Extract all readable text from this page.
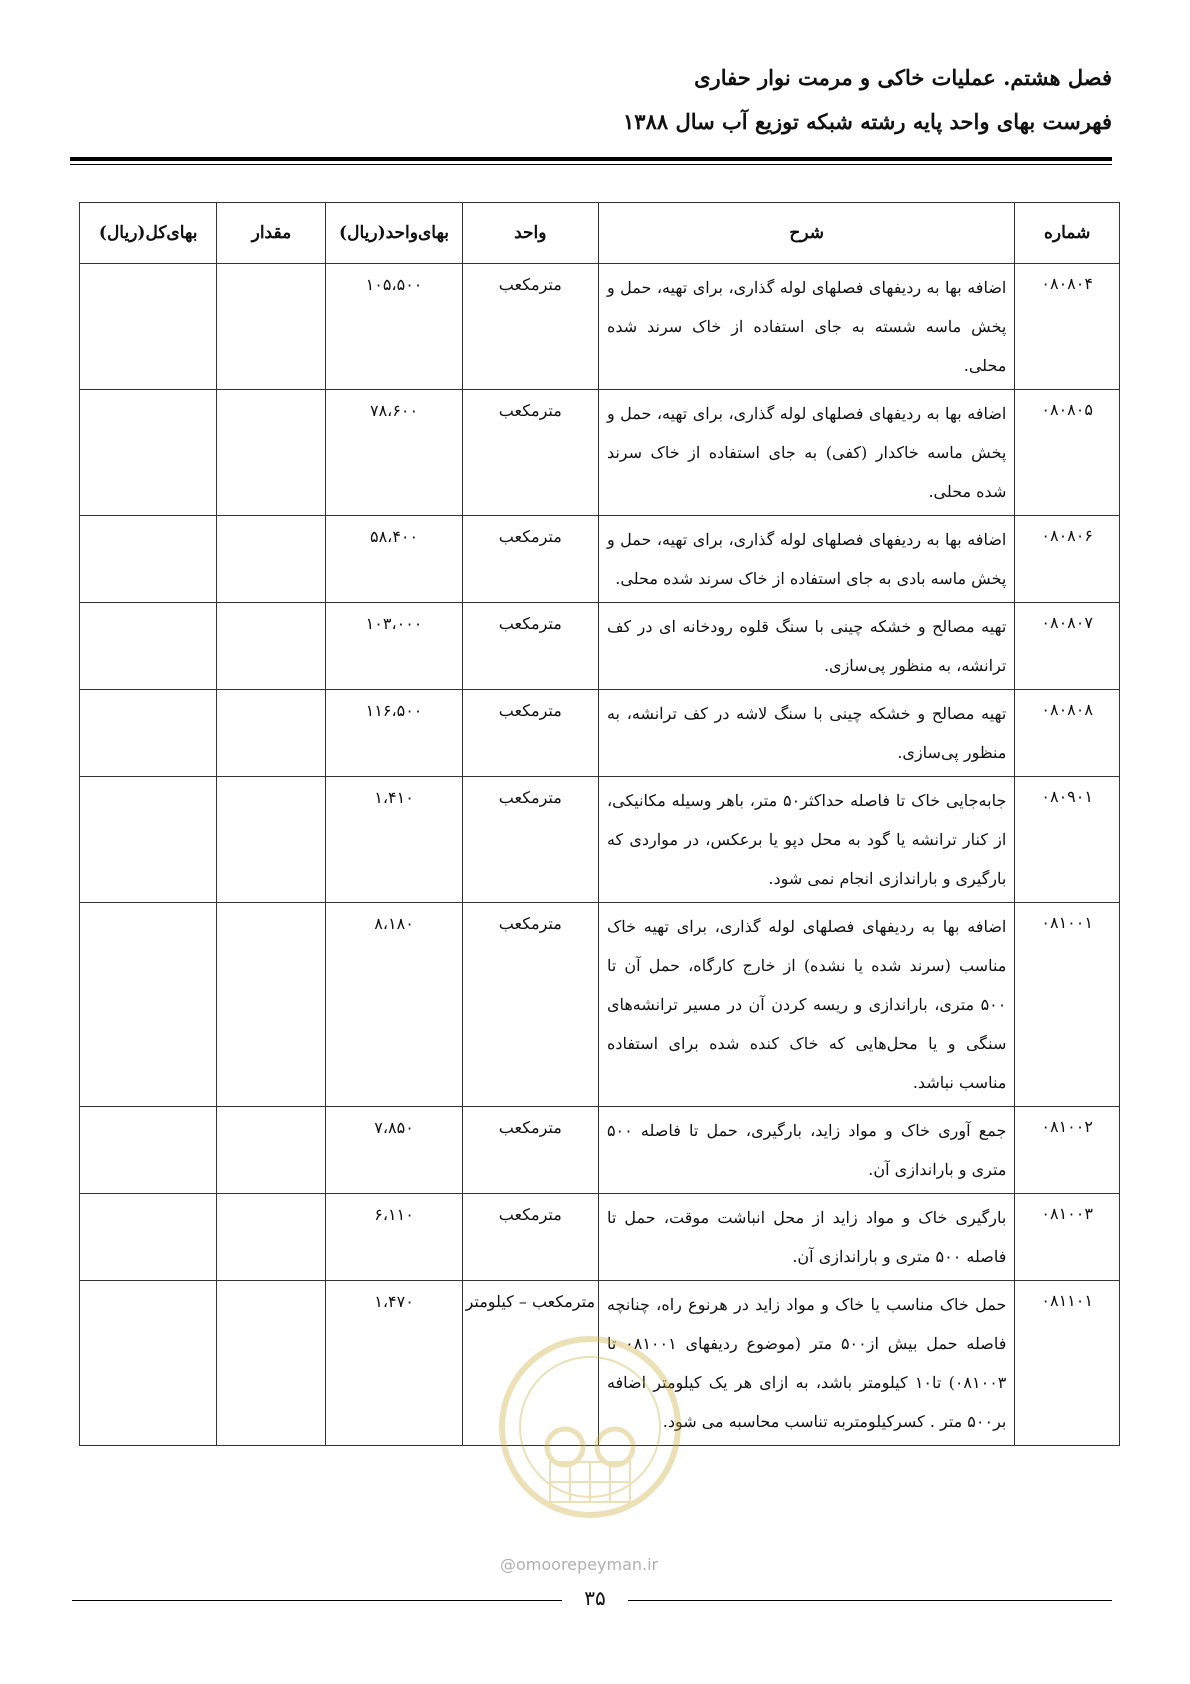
فصل هشتم. عملیات خاکی و مرمت نوار حفاری
فهرست بهای واحد پایه رشته شبکه توزیع آب سال ۱۳۸۸
شماره	شرح	واحد	بهای‌واحد(ریال)	مقدار	بهای‌کل(ریال)
۰۸۰۸۰۴	اضافه بها به ردیفهای فصلهای لوله گذاری، برای تهیه، حمل و پخش ماسه شسته به جای استفاده از خاک سرند شده محلی.	مترمکعب	۱۰۵،۵۰۰		
۰۸۰۸۰۵	اضافه بها به ردیفهای فصلهای لوله گذاری، برای تهیه، حمل و پخش ماسه خاکدار (کفی) به جای استفاده از خاک سرند شده محلی.	مترمکعب	۷۸،۶۰۰		
۰۸۰۸۰۶	اضافه بها به ردیفهای فصلهای لوله گذاری، برای تهیه، حمل و پخش ماسه بادی به جای استفاده از خاک سرند شده محلی.	مترمکعب	۵۸،۴۰۰		
۰۸۰۸۰۷	تهیه مصالح و خشکه چینی با سنگ قلوه رودخانه ای در کف ترانشه، به منظور پی‌سازی.	مترمکعب	۱۰۳،۰۰۰		
۰۸۰۸۰۸	تهیه مصالح و خشکه چینی با سنگ لاشه در کف ترانشه، به منظور پی‌سازی.	مترمکعب	۱۱۶،۵۰۰		
۰۸۰۹۰۱	جابه‌جایی خاک تا فاصله حداکثر۵۰ متر، باهر وسیله مکانیکی، از کنار ترانشه یا گود به محل دپو یا برعکس، در مواردی که بارگیری و باراندازی انجام نمی شود.	مترمکعب	۱،۴۱۰		
۰۸۱۰۰۱	اضافه بها به ردیفهای فصلهای لوله گذاری، برای تهیه خاک مناسب (سرند شده یا نشده) از خارج کارگاه، حمل آن تا ۵۰۰ متری، باراندازی و ریسه کردن آن در مسیر ترانشه‌های سنگی و یا محل‌هایی که خاک کنده شده برای استفاده مناسب نباشد.	مترمکعب	۸،۱۸۰		
۰۸۱۰۰۲	جمع آوری خاک و مواد زاید، بارگیری، حمل تا فاصله ۵۰۰ متری و باراندازی آن.	مترمکعب	۷،۸۵۰		
۰۸۱۰۰۳	بارگیری خاک و مواد زاید از محل انباشت موقت، حمل تا فاصله ۵۰۰ متری و باراندازی آن.	مترمکعب	۶،۱۱۰		
۰۸۱۱۰۱	حمل خاک مناسب یا خاک و مواد زاید در هرنوع راه، چنانچه فاصله حمل بیش از۵۰۰ متر (موضوع ردیفهای ۰۸۱۰۰۱ تا ۰۸۱۰۰۳) تا۱۰ کیلومتر باشد، به ازای هر یک کیلومتر اضافه بر۵۰۰ متر . کسرکیلومتربه تناسب محاسبه می شود.	مترمکعب – کیلومتر	۱،۴۷۰		
@omoorepeyman.ir
۳۵
